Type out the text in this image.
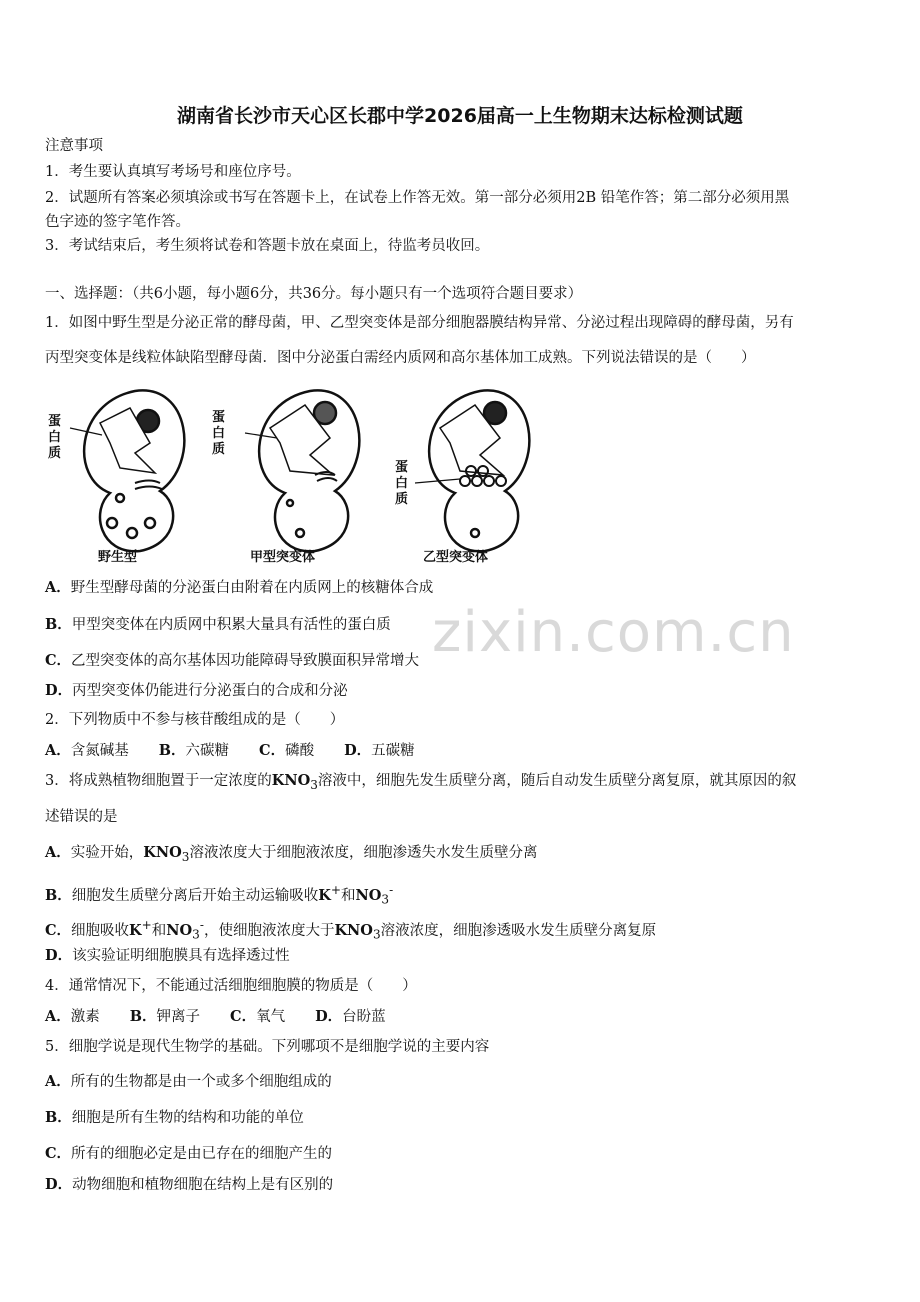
湖南省长沙市天心区长郡中学2026届高一上生物期末达标检测试题
注意事项
1．考生要认真填写考场号和座位序号。
2．试题所有答案必须填涂或书写在答题卡上，在试卷上作答无效。第一部分必须用2B 铅笔作答；第二部分必须用黑
色字迹的签字笔作答。
3．考试结束后，考生须将试卷和答题卡放在桌面上，待监考员收回。
一、选择题：（共6小题，每小题6分，共36分。每小题只有一个选项符合题目要求）
1．如图中野生型是分泌正常的酵母菌，甲、乙型突变体是部分细胞器膜结构异常、分泌过程出现障碍的酵母菌，另有
丙型突变体是线粒体缺陷型酵母菌．图中分泌蛋白需经内质网和高尔基体加工成熟。下列说法错误的是（　　）
蛋
白
质
蛋
白
质
蛋
白
质
野生型	甲型突变体	乙型突变体
A．野生型酵母菌的分泌蛋白由附着在内质网上的核糖体合成
B．甲型突变体在内质网中积累大量具有活性的蛋白质
C．乙型突变体的高尔基体因功能障碍导致膜面积异常增大
D．丙型突变体仍能进行分泌蛋白的合成和分泌
2．下列物质中不参与核苷酸组成的是（　　）
A．含氮碱基 B．六碳糖 C．磷酸 D．五碳糖
3．将成熟植物细胞置于一定浓度的$KNO_3$溶液中，细胞先发生质壁分离，随后自动发生质壁分离复原，就其原因的叙
述错误的是
A．实验开始，$KNO_3$溶液浓度大于细胞液浓度，细胞渗透失水发生质壁分离
B．细胞发生质壁分离后开始主动运输吸收K+和$NO_3^-$
C．细胞吸收K+和$NO_3^-$，使细胞液浓度大于$KNO_3$溶液浓度，细胞渗透吸水发生质壁分离复原
D．该实验证明细胞膜具有选择透过性
4．通常情况下，不能通过活细胞细胞膜的物质是（　　）
A．激素 B．钾离子 C．氧气 D．台盼蓝
5．细胞学说是现代生物学的基础。下列哪项不是细胞学说的主要内容
A．所有的生物都是由一个或多个细胞组成的
B．细胞是所有生物的结构和功能的单位
C．所有的细胞必定是由已存在的细胞产生的
D．动物细胞和植物细胞在结构上是有区别的
zixin.com.cn
